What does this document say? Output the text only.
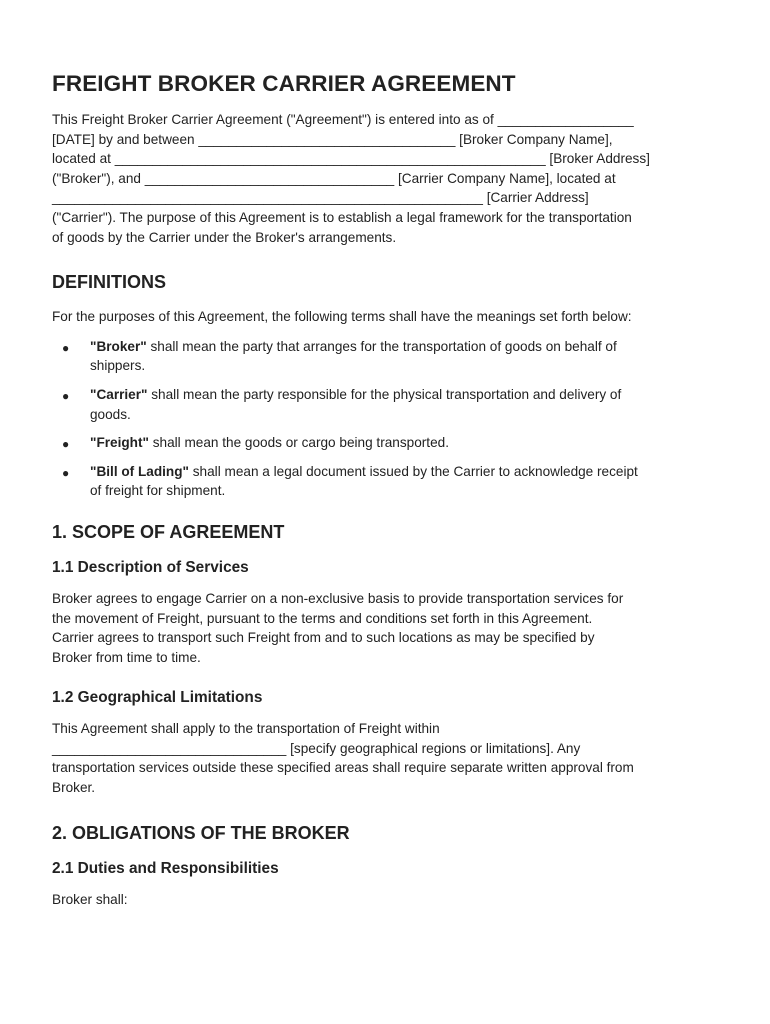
FREIGHT BROKER CARRIER AGREEMENT

This Freight Broker Carrier Agreement ("Agreement") is entered into as of __________________

[DATE] by and between __________________________________ [Broker Company Name],

located at _________________________________________________________ [Broker Address]

("Broker"), and _________________________________ [Carrier Company Name], located at

_________________________________________________________ [Carrier Address]

("Carrier"). The purpose of this Agreement is to establish a legal framework for the transportation

of goods by the Carrier under the Broker's arrangements.

DEFINITIONS

For the purposes of this Agreement, the following terms shall have the meanings set forth below:

● "Broker" shall mean the party that arranges for the transportation of goods on behalf of
shippers.
● "Carrier" shall mean the party responsible for the physical transportation and delivery of
goods.
● "Freight" shall mean the goods or cargo being transported.
● "Bill of Lading" shall mean a legal document issued by the Carrier to acknowledge receipt
of freight for shipment.
1. SCOPE OF AGREEMENT
1.1 Description of Services

Broker agrees to engage Carrier on a non-exclusive basis to provide transportation services for

the movement of Freight, pursuant to the terms and conditions set forth in this Agreement.

Carrier agrees to transport such Freight from and to such locations as may be specified by

Broker from time to time.

1.2 Geographical Limitations

This Agreement shall apply to the transportation of Freight within

_______________________________ [specify geographical regions or limitations]. Any

transportation services outside these specified areas shall require separate written approval from

Broker.

2. OBLIGATIONS OF THE BROKER
2.1 Duties and Responsibilities

Broker shall:
